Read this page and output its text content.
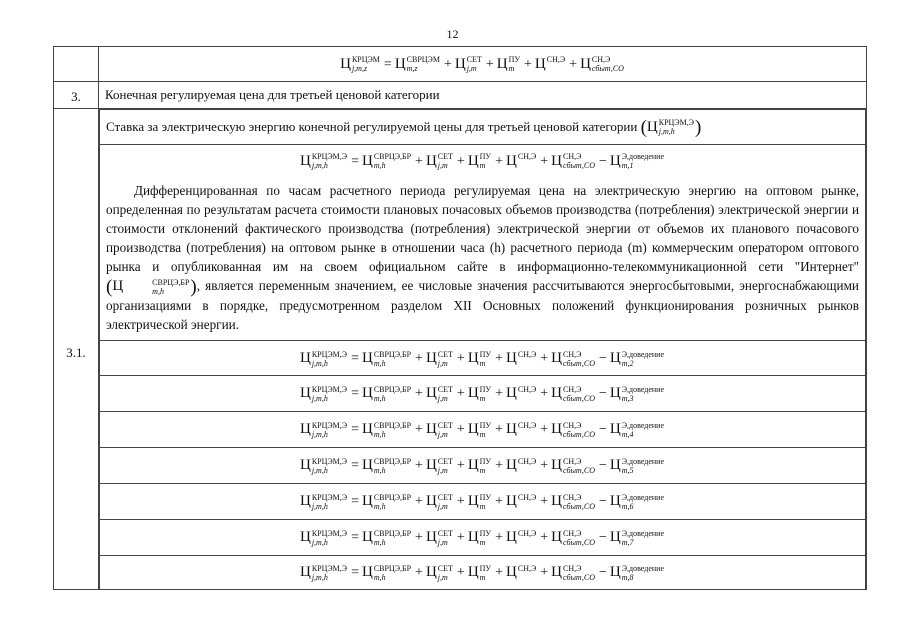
12

Ц КРЦЭМ
j,m,z	= Ц СВРЦЭМ
m,z	+ Ц СЕТ
j,m + Ц ПУ
m + Ц СН,Э
+ Ц СН,Э
сбыт,СО

3.	Конечная регулируемая цена для третьей ценовой категории

3.1.

Ставка за электрическую энергию конечной регулируемой цены для третьей ценовой категории (Ц КРЦЭМ,Э
j,m,h	)

Ц КРЦЭМ,Э
j,m,h	= Ц СВРЦЭ,БР
m,h	+ Ц СЕТ
j,m + Ц ПУ
m + Ц СН,Э
+ Ц СН,Э
сбыт,СО − Ц Э,доведение
m,1
Дифференцированная по часам расчетного периода регулируемая цена на электрическую энергию на оптовом рынке, определенная по результатам расчета стоимости плановых почасовых объемов производства (потребления) электрической энергии и стоимости отклонений фактического производства (потребления) электрической энергии от объемов их планового почасового производства (потребления) на оптовом рынке в отношении часа (h) расчетного периода (m) коммерческим оператором оптового рынка и опубликованная им на своем официальном сайте в информационно-телекоммуникационной сети "Интернет" (Ц	СВРЦЭ,БР
m,h	), является переменным значением, ее числовые значения рассчитываются энергосбытовыми, энергоснабжающими организациями в порядке, предусмотренном разделом XII Основных положений функционирования розничных рынков электрической энергии.

Ц КРЦЭМ,Э
j,m,h	= Ц СВРЦЭ,БР
m,h	+ Ц СЕТ
j,m + Ц ПУ
m + Ц СН,Э
+ Ц СН,Э
сбыт,СО − Ц Э,доведение
m,2

Ц КРЦЭМ,Э
j,m,h	= Ц СВРЦЭ,БР
m,h	+ Ц СЕТ
j,m + Ц ПУ
m + Ц СН,Э
+ Ц СН,Э
сбыт,СО − Ц Э,доведение
m,3

Ц КРЦЭМ,Э
j,m,h	= Ц СВРЦЭ,БР
m,h	+ Ц СЕТ
j,m + Ц ПУ
m + Ц СН,Э
+ Ц СН,Э
сбыт,СО − Ц Э,доведение
m,4

Ц КРЦЭМ,Э
j,m,h	= Ц СВРЦЭ,БР
m,h	+ Ц СЕТ
j,m + Ц ПУ
m + Ц СН,Э
+ Ц СН,Э
сбыт,СО − Ц Э,доведение
m,5

Ц КРЦЭМ,Э
j,m,h	= Ц СВРЦЭ,БР
m,h	+ Ц СЕТ
j,m + Ц ПУ
m + Ц СН,Э
+ Ц СН,Э
сбыт,СО − Ц Э,доведение
m,6

Ц КРЦЭМ,Э
j,m,h	= Ц СВРЦЭ,БР
m,h	+ Ц СЕТ
j,m + Ц ПУ
m + Ц СН,Э
+ Ц СН,Э
сбыт,СО − Ц Э,доведение
m,7

Ц КРЦЭМ,Э
j,m,h	= Ц СВРЦЭ,БР
m,h	+ Ц СЕТ
j,m + Ц ПУ
m + Ц СН,Э
+ Ц СН,Э
сбыт,СО − Ц Э,доведение
m,8
